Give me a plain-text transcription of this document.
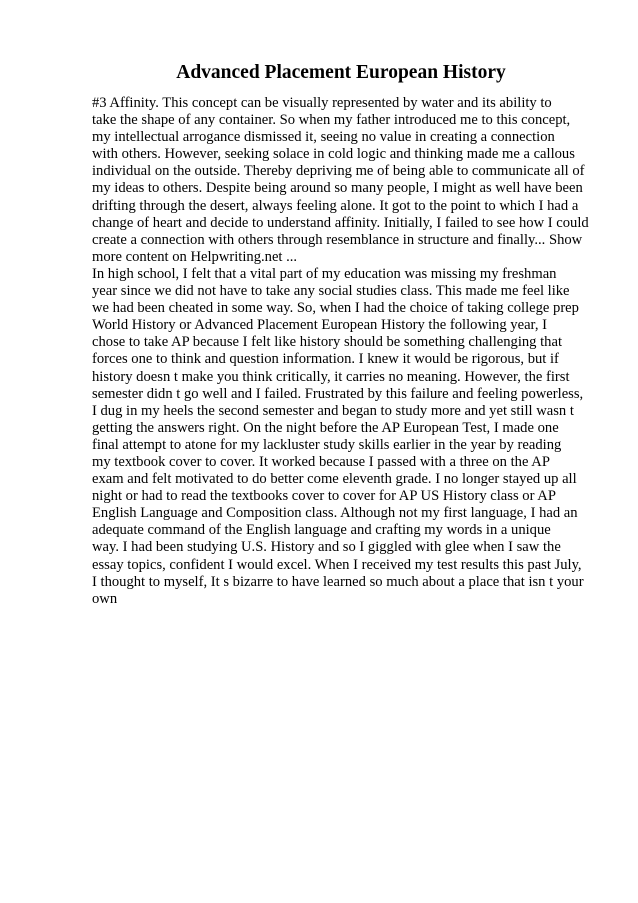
Advanced Placement European History
#3 Affinity. This concept can be visually represented by water and its ability to
take the shape of any container. So when my father introduced me to this concept,
my intellectual arrogance dismissed it, seeing no value in creating a connection
with others. However, seeking solace in cold logic and thinking made me a callous
individual on the outside. Thereby depriving me of being able to communicate all of
my ideas to others. Despite being around so many people, I might as well have been
drifting through the desert, always feeling alone. It got to the point to which I had a
change of heart and decide to understand affinity. Initially, I failed to see how I could
create a connection with others through resemblance in structure and finally... Show
more content on Helpwriting.net ...
In high school, I felt that a vital part of my education was missing my freshman
year since we did not have to take any social studies class. This made me feel like
we had been cheated in some way. So, when I had the choice of taking college prep
World History or Advanced Placement European History the following year, I
chose to take AP because I felt like history should be something challenging that
forces one to think and question information. I knew it would be rigorous, but if
history doesn t make you think critically, it carries no meaning. However, the first
semester didn t go well and I failed. Frustrated by this failure and feeling powerless,
I dug in my heels the second semester and began to study more and yet still wasn t
getting the answers right. On the night before the AP European Test, I made one
final attempt to atone for my lackluster study skills earlier in the year by reading
my textbook cover to cover. It worked because I passed with a three on the AP
exam and felt motivated to do better come eleventh grade. I no longer stayed up all
night or had to read the textbooks cover to cover for AP US History class or AP
English Language and Composition class. Although not my first language, I had an
adequate command of the English language and crafting my words in a unique
way. I had been studying U.S. History and so I giggled with glee when I saw the
essay topics, confident I would excel. When I received my test results this past July,
I thought to myself, It s bizarre to have learned so much about a place that isn t your
own
